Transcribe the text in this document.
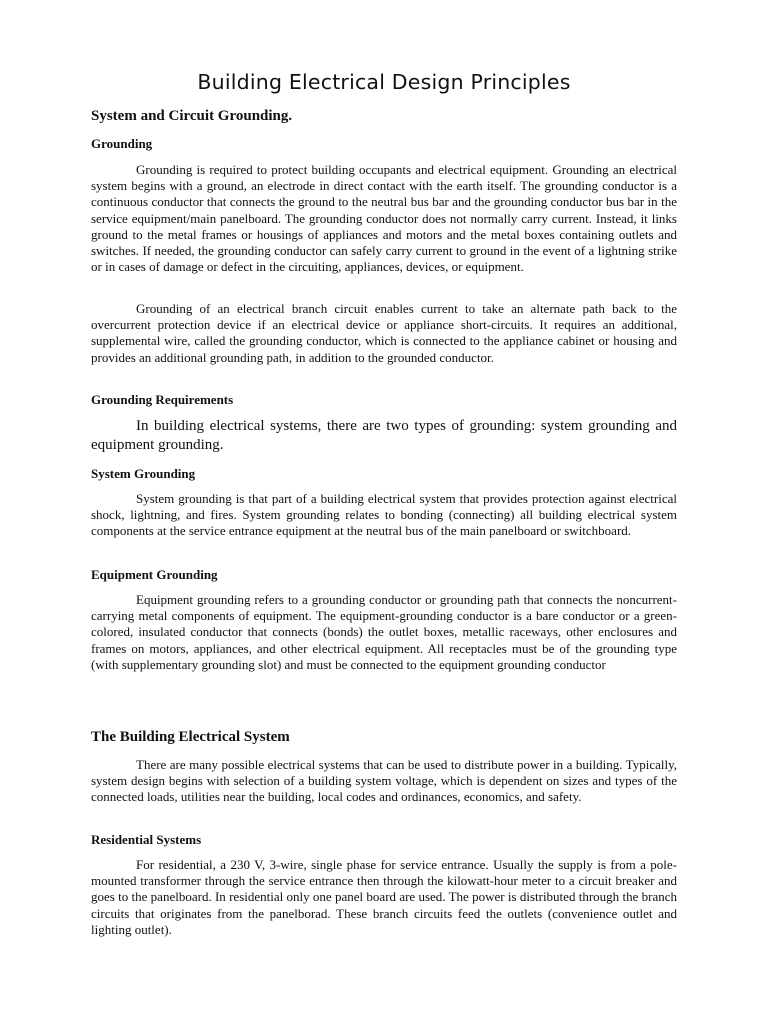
Building Electrical Design Principles
System and Circuit Grounding.
Grounding

Grounding is required to protect building occupants and electrical equipment. Grounding an electrical system begins with a ground, an electrode in direct contact with the earth itself. The grounding conductor is a continuous conductor that connects the ground to the neutral bus bar and the grounding conductor bus bar in the service equipment/main panelboard. The grounding conductor does not normally carry current. Instead, it links ground to the metal frames or housings of appliances and motors and the metal boxes containing outlets and switches. If needed, the grounding conductor can safely carry current to ground in the event of a lightning strike or in cases of damage or defect in the circuiting, appliances, devices, or equipment.

Grounding of an electrical branch circuit enables current to take an alternate path back to the overcurrent protection device if an electrical device or appliance short-circuits. It requires an additional, supplemental wire, called the grounding conductor, which is connected to the appliance cabinet or housing and provides an additional grounding path, in addition to the grounded conductor.

Grounding Requirements

In building electrical systems, there are two types of grounding: system grounding and equipment grounding.

System Grounding

System grounding is that part of a building electrical system that provides protection against electrical shock, lightning, and fires. System grounding relates to bonding (connecting) all building electrical system components at the service entrance equipment at the neutral bus of the main panelboard or switchboard.

Equipment Grounding

Equipment grounding refers to a grounding conductor or grounding path that connects the noncurrent-carrying metal components of equipment. The equipment-grounding conductor is a bare conductor or a green-colored, insulated conductor that connects (bonds) the outlet boxes, metallic raceways, other enclosures and frames on motors, appliances, and other electrical equipment. All receptacles must be of the grounding type (with supplementary grounding slot) and must be connected to the equipment grounding conductor

The Building Electrical System

There are many possible electrical systems that can be used to distribute power in a building. Typically, system design begins with selection of a building system voltage, which is dependent on sizes and types of the connected loads, utilities near the building, local codes and ordinances, economics, and safety.

Residential Systems

For residential, a 230 V, 3-wire, single phase for service entrance. Usually the supply is from a pole-mounted transformer through the service entrance then through the kilowatt-hour meter to a circuit breaker and goes to the panelboard. In residential only one panel board are used. The power is distributed through the branch circuits that originates from the panelborad. These branch circuits feed the outlets (convenience outlet and lighting outlet).
